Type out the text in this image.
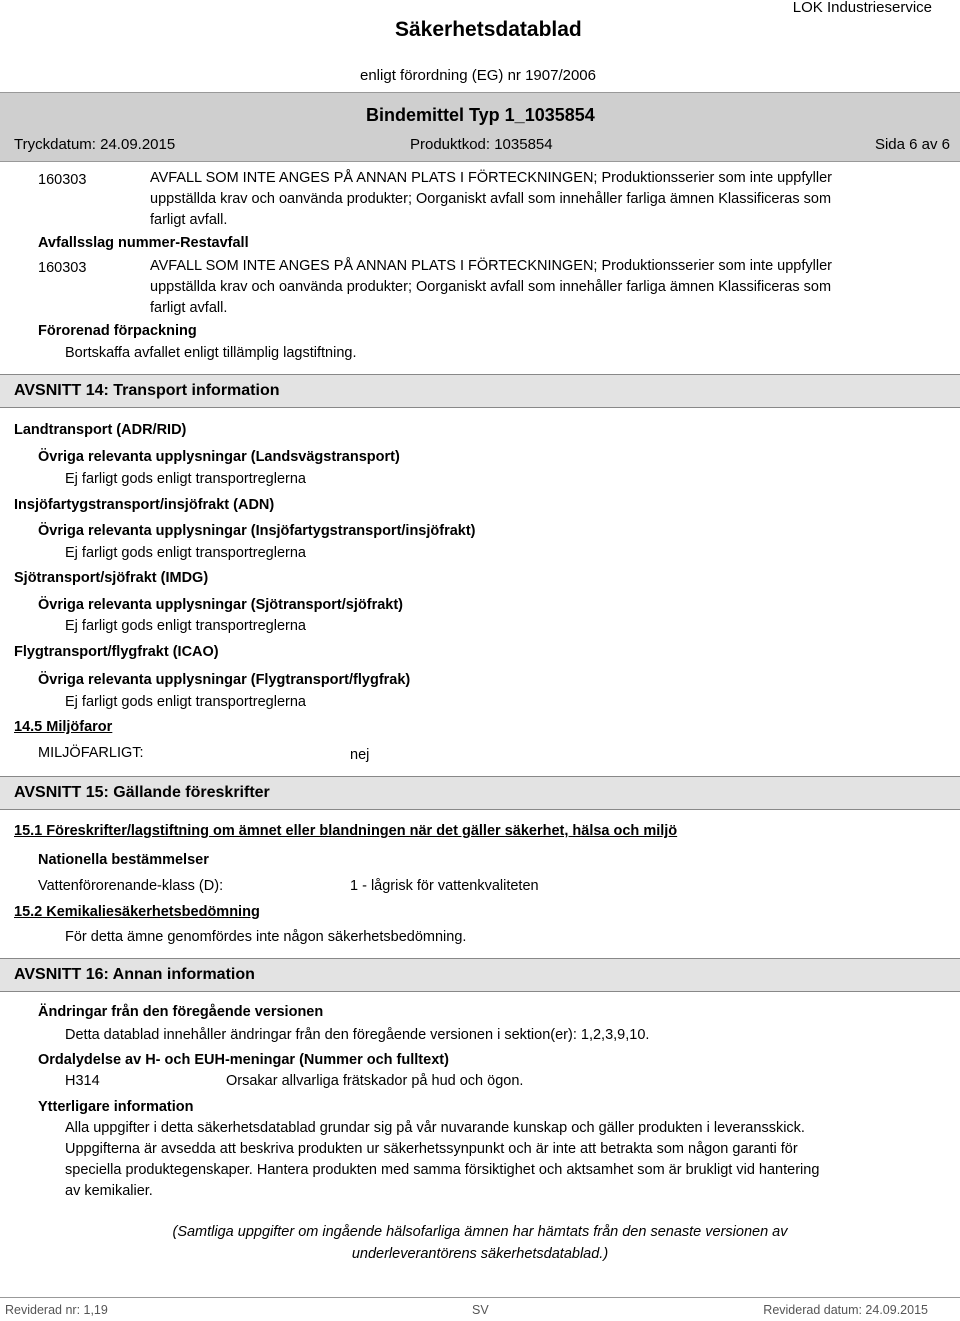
Säkerhetsdatablad
LOK Industrieservice
enligt förordning (EG) nr 1907/2006
Bindemittel Typ 1_1035854
Tryckdatum: 24.09.2015	Produktkod: 1035854	Sida 6 av 6
160303	AVFALL SOM INTE ANGES PÅ ANNAN PLATS I FÖRTECKNINGEN; Produktionsserier som inte uppfyller uppställda krav och oanvända produkter; Oorganiskt avfall som innehåller farliga ämnen Klassificeras som farligt avfall.
Avfallsslag nummer-Restavfall
160303	AVFALL SOM INTE ANGES PÅ ANNAN PLATS I FÖRTECKNINGEN; Produktionsserier som inte uppfyller uppställda krav och oanvända produkter; Oorganiskt avfall som innehåller farliga ämnen Klassificeras som farligt avfall.
Förorenad förpackning
Bortskaffa avfallet enligt tillämplig lagstiftning.
AVSNITT 14: Transport information
Landtransport (ADR/RID)
Övriga relevanta upplysningar (Landsvägstransport)
Ej farligt gods enligt transportreglerna
Insjöfartygstransport/insjöfrakt (ADN)
Övriga relevanta upplysningar (Insjöfartygstransport/insjöfrakt)
Ej farligt gods enligt transportreglerna
Sjötransport/sjöfrakt (IMDG)
Övriga relevanta upplysningar (Sjötransport/sjöfrakt)
Ej farligt gods enligt transportreglerna
Flygtransport/flygfrakt (ICAO)
Övriga relevanta upplysningar (Flygtransport/flygfrak)
Ej farligt gods enligt transportreglerna
14.5 Miljöfaror
MILJÖFARLIGT:	nej
AVSNITT 15: Gällande föreskrifter
15.1 Föreskrifter/lagstiftning om ämnet eller blandningen när det gäller säkerhet, hälsa och miljö
Nationella bestämmelser
Vattenförorenande-klass (D):	1 - lågrisk för vattenkvaliteten
15.2 Kemikaliesäkerhetsbedömning
För detta ämne genomfördes inte någon säkerhetsbedömning.
AVSNITT 16: Annan information
Ändringar från den föregående versionen
Detta datablad innehåller ändringar från den föregående versionen i sektion(er): 1,2,3,9,10.
Ordalydelse av H- och EUH-meningar (Nummer och fulltext)
H314	Orsakar allvarliga frätskador på hud och ögon.
Ytterligare information
Alla uppgifter i detta säkerhetsdatablad grundar sig på vår nuvarande kunskap och gäller produkten i leveransskick. Uppgifterna är avsedda att beskriva produkten ur säkerhetssynpunkt och är inte att betrakta som någon garanti för speciella produktegenskaper. Hantera produkten med samma försiktighet och aktsamhet som är brukligt vid hantering av kemikalier.
(Samtliga uppgifter om ingående hälsofarliga ämnen har hämtats från den senaste versionen av underleverantörens säkerhetsdatablad.)
Reviderad nr: 1,19	SV	Reviderad datum: 24.09.2015
